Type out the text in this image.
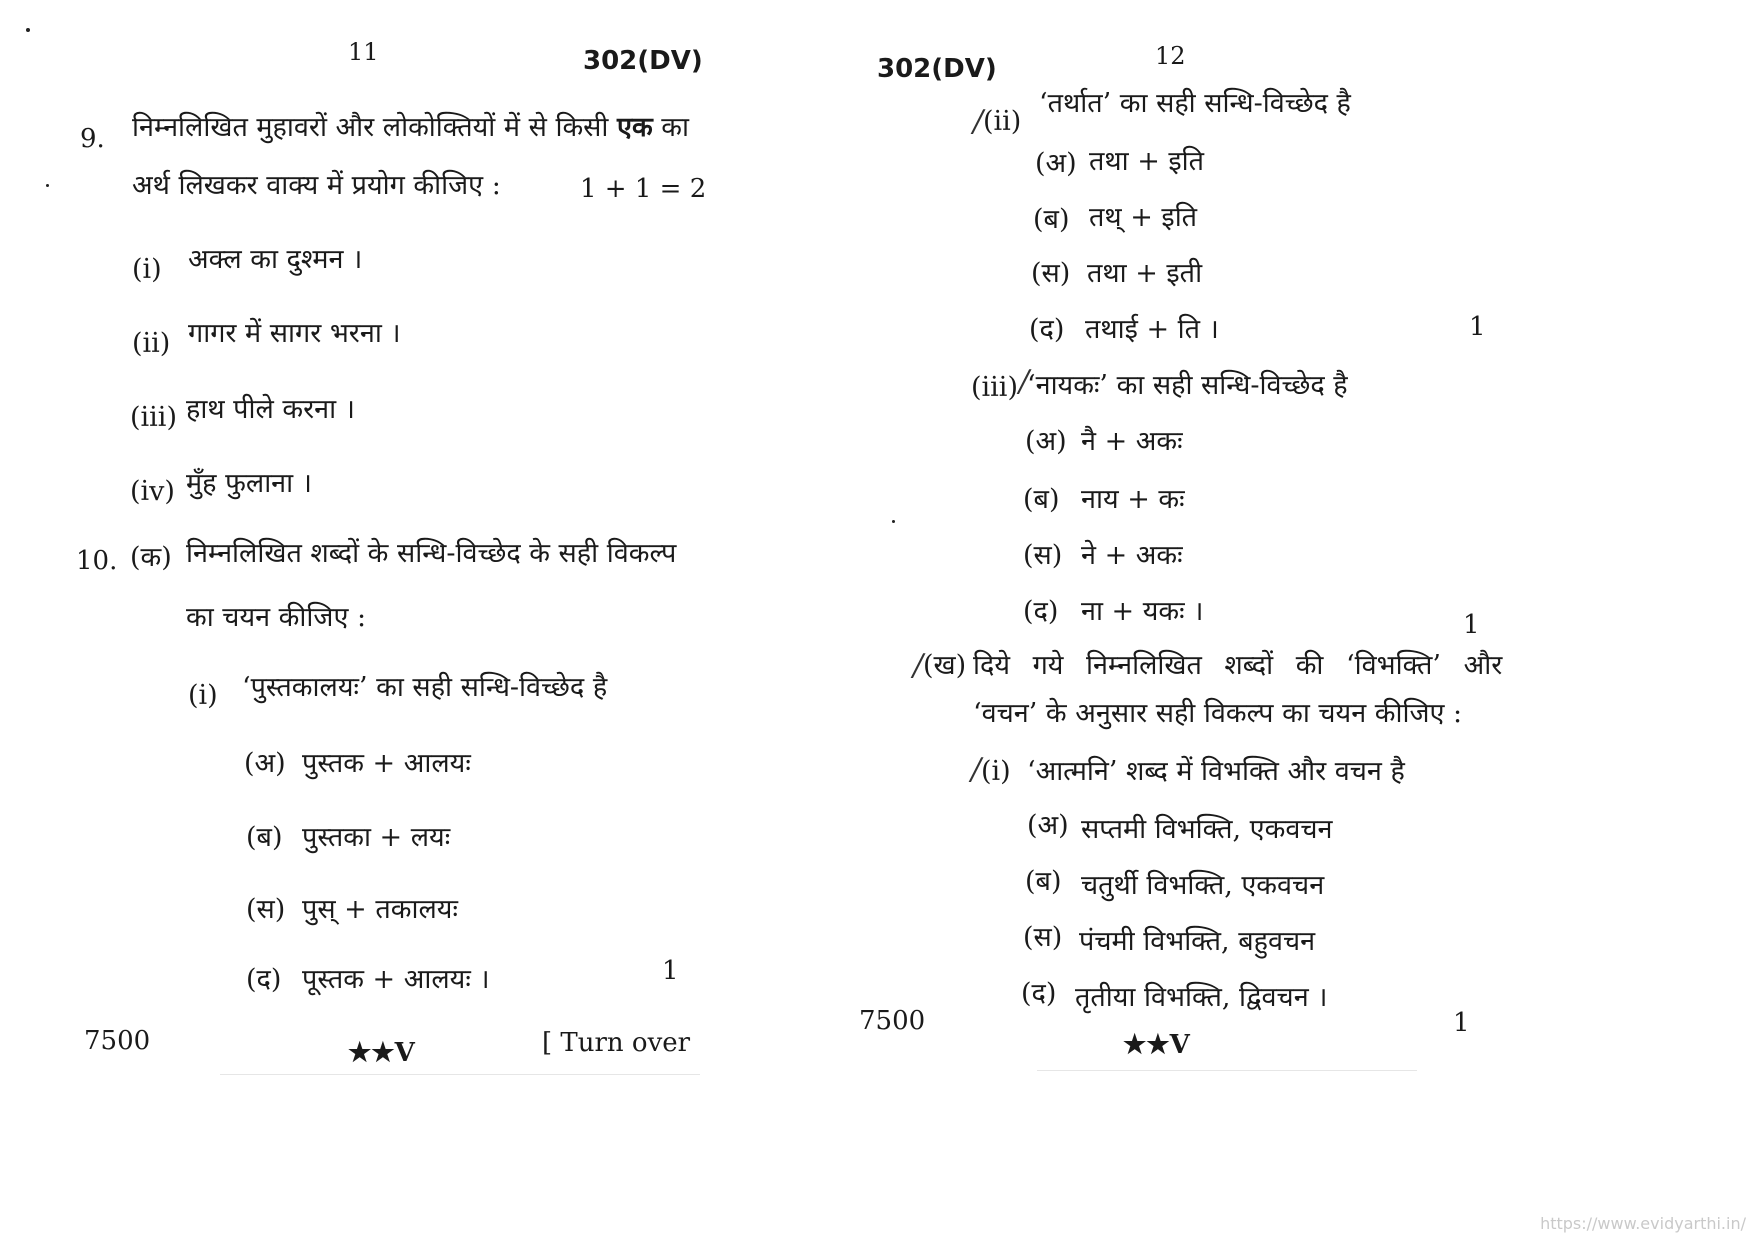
11	302(DV)
9. निम्नलिखित मुहावरों और लोकोक्तियों में से किसी एक का
अर्थ लिखकर वाक्य में प्रयोग कीजिए :	1 + 1 = 2
(i) अक्ल का दुश्मन ।
(ii) गागर में सागर भरना ।
(iii) हाथ पीले करना ।
(iv) मुँह फुलाना ।
10. (क) निम्नलिखित शब्दों के सन्धि-विच्छेद के सही विकल्प
का चयन कीजिए :
(i) ‘पुस्तकालयः’ का सही सन्धि-विच्छेद है
(अ) पुस्तक + आलयः
(ब) पुस्तका + लयः
(स) पुस् + तकालयः
(द) पूस्तक + आलयः ।	1
7500	★★V	[ Turn over
302(DV)	12
/ (ii)
‘तर्थात’ का सही सन्धि-विच्छेद है
(अ) तथा + इति
(ब) तथ् + इति
(स) तथा + इती
(द) तथाई + ति ।	1
(iii) /
‘नायकः’ का सही सन्धि-विच्छेद है
(अ) नै + अकः
(ब) नाय + कः
(स) ने + अकः
(द) ना + यकः ।	1
/ (ख) दिये गये निम्नलिखित शब्दों की ‘विभक्ति’ और
‘वचन’ के अनुसार सही विकल्प का चयन कीजिए :
/ (i) ‘आत्मनि’ शब्द में विभक्ति और वचन है
(अ) सप्तमी विभक्ति, एकवचन
(ब) चतुर्थी विभक्ति, एकवचन
(स) पंचमी विभक्ति, बहुवचन
(द) तृतीया विभक्ति, द्विवचन ।
1
7500
★★V
https://www.evidyarthi.in/
